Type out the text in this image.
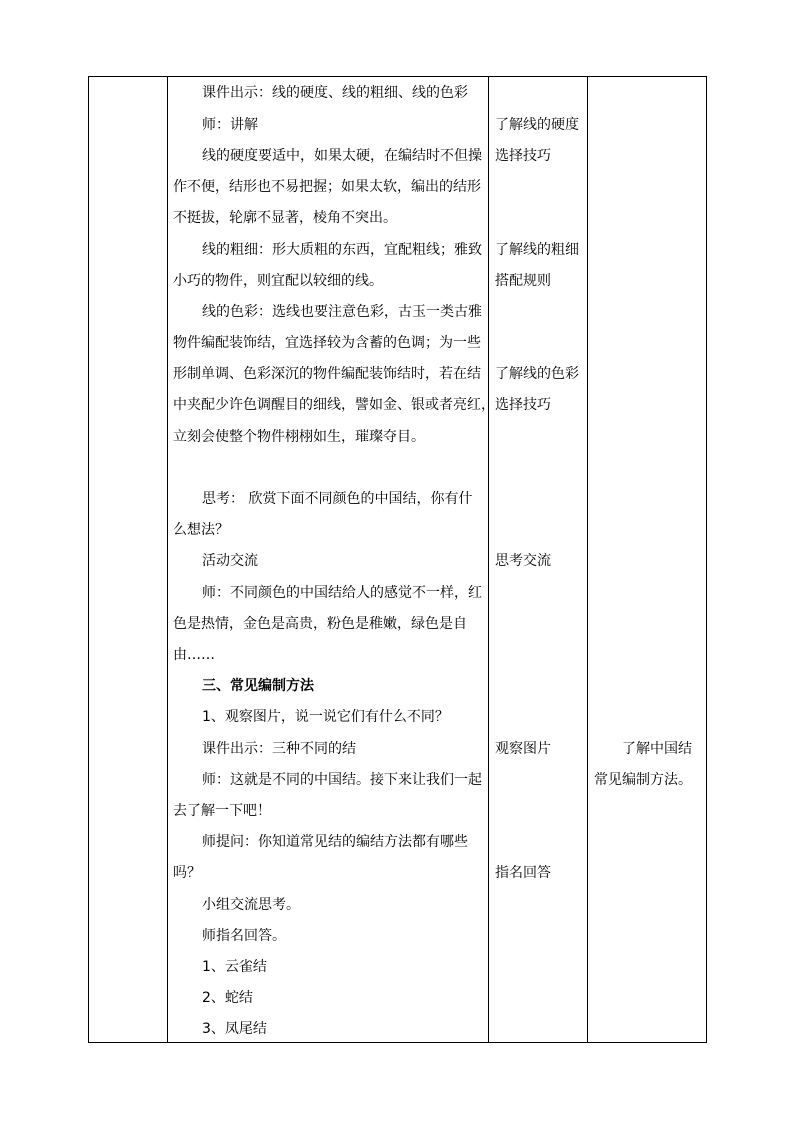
课件出示：线的硬度、线的粗细、线的色彩
师：讲解
线的硬度要适中，如果太硬，在编结时不但操
作不便，结形也不易把握；如果太软，编出的结形
不挺拔，轮廓不显著，棱角不突出。
线的粗细：形大质粗的东西，宜配粗线；雅致
小巧的物件，则宜配以较细的线。
线的色彩：选线也要注意色彩，古玉一类古雅
物件编配装饰结，宜选择较为含蓄的色调；为一些
形制单调、色彩深沉的物件编配装饰结时，若在结
中夹配少许色调醒目的细线，譬如金、银或者亮红，
立刻会使整个物件栩栩如生，璀璨夺目。
思考： 欣赏下面不同颜色的中国结，你有什
么想法？
活动交流
师：不同颜色的中国结给人的感觉不一样，红
色是热情，金色是高贵，粉色是稚嫩，绿色是自
由……
三、常见编制方法
1、观察图片，说一说它们有什么不同？
课件出示：三种不同的结
师：这就是不同的中国结。接下来让我们一起
去了解一下吧！
师提问：你知道常见结的编结方法都有哪些
吗？
小组交流思考。
师指名回答。
1、云雀结
2、蛇结
3、凤尾结
了解线的硬度
选择技巧
了解线的粗细
搭配规则
了解线的色彩
选择技巧
思考交流
观察图片
指名回答
了解中国结
常见编制方法。
